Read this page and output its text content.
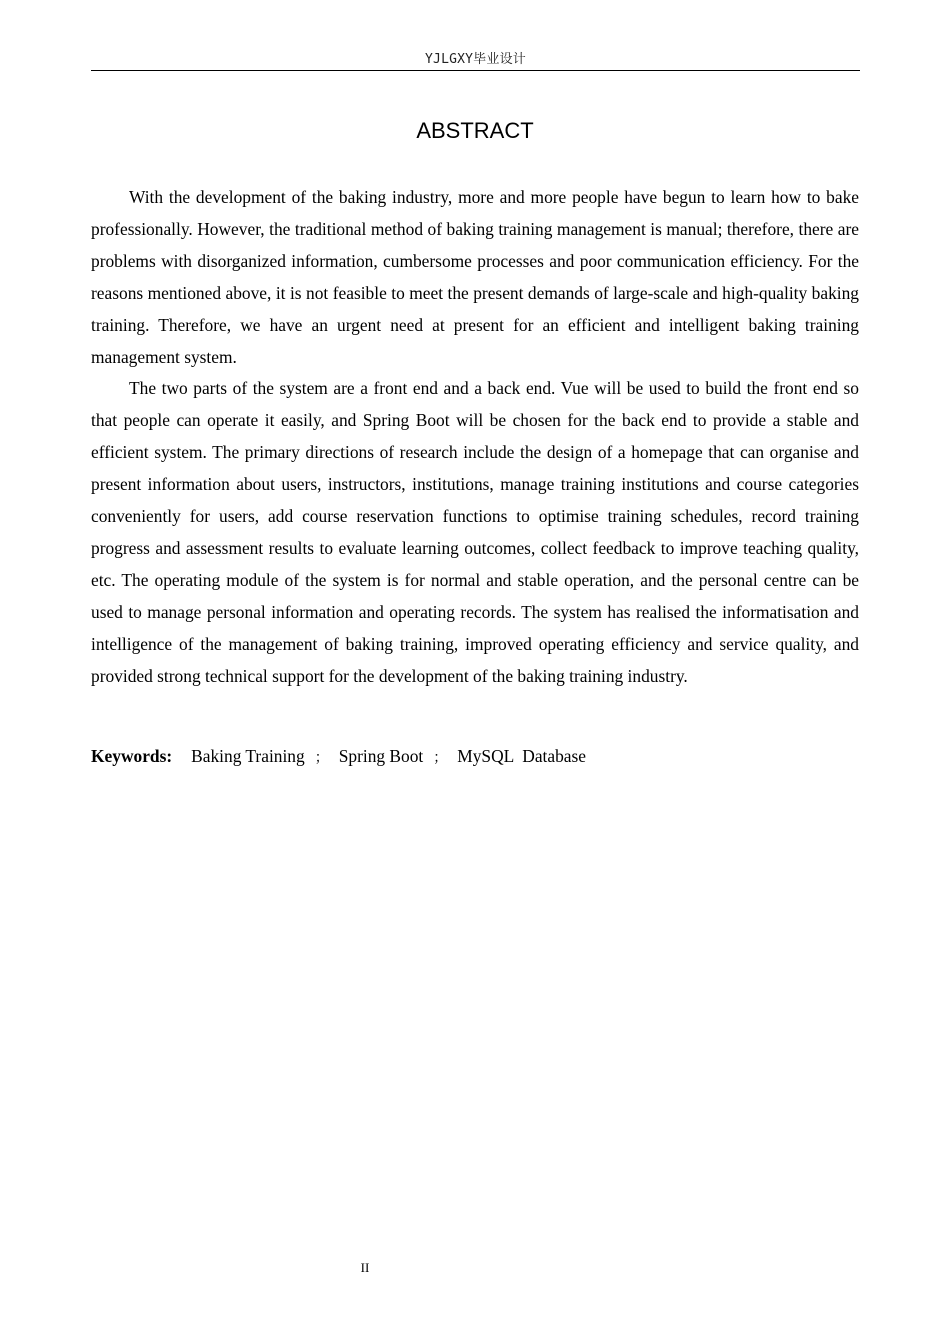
YJLGXY毕业设计
ABSTRACT

With the development of the baking industry, more and more people have begun to learn how to bake professionally. However, the traditional method of baking training management is manual; therefore, there are problems with disorganized information, cumbersome processes and poor communication efficiency. For the reasons mentioned above, it is not feasible to meet the present demands of large-scale and high-quality baking training. Therefore, we have an urgent need at present for an efficient and intelligent baking training management system.

The two parts of the system are a front end and a back end. Vue will be used to build the front end so that people can operate it easily, and Spring Boot will be chosen for the back end to provide a stable and efficient system. The primary directions of research include the design of a homepage that can organise and present information about users, instructors, institutions, manage training institutions and course categories conveniently for users, add course reservation functions to optimise training schedules, record training progress and assessment results to evaluate learning outcomes, collect feedback to improve teaching quality, etc. The operating module of the system is for normal and stable operation, and the personal centre can be used to manage personal information and operating records. The system has realised the informatisation and intelligence of the management of baking training, improved operating efficiency and service quality, and provided strong technical support for the development of the baking training industry.

Keywords: Baking Training ； Spring Boot ； MySQL Database
II
